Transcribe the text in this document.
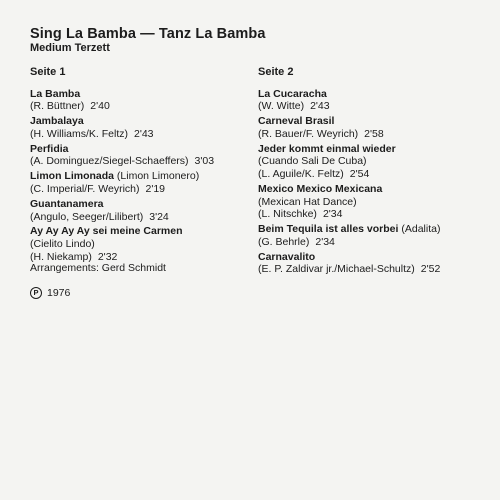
Sing La Bamba — Tanz La Bamba
Medium Terzett
Seite 1
La Bamba
(R. Büttner) 2'40
Jambalaya
(H. Williams/K. Feltz) 2'43
Perfidia
(A. Dominguez/Siegel-Schaeffers) 3'03
Limon Limonada (Limon Limonero)
(C. Imperial/F. Weyrich) 2'19
Guantanamera
(Angulo, Seeger/Lilibert) 3'24
Ay Ay Ay Ay sei meine Carmen
(Cielito Lindo)
(H. Niekamp) 2'32
Seite 2
La Cucaracha
(W. Witte) 2'43
Carneval Brasil
(R. Bauer/F. Weyrich) 2'58
Jeder kommt einmal wieder
(Cuando Sali De Cuba)
(L. Aguile/K. Feltz) 2'54
Mexico Mexico Mexicana
(Mexican Hat Dance)
(L. Nitschke) 2'34
Beim Tequila ist alles vorbei (Adalita)
(G. Behrle) 2'34
Carnavalito
(E. P. Zaldivar jr./Michael-Schultz) 2'52
Arrangements: Gerd Schmidt
P 1976
